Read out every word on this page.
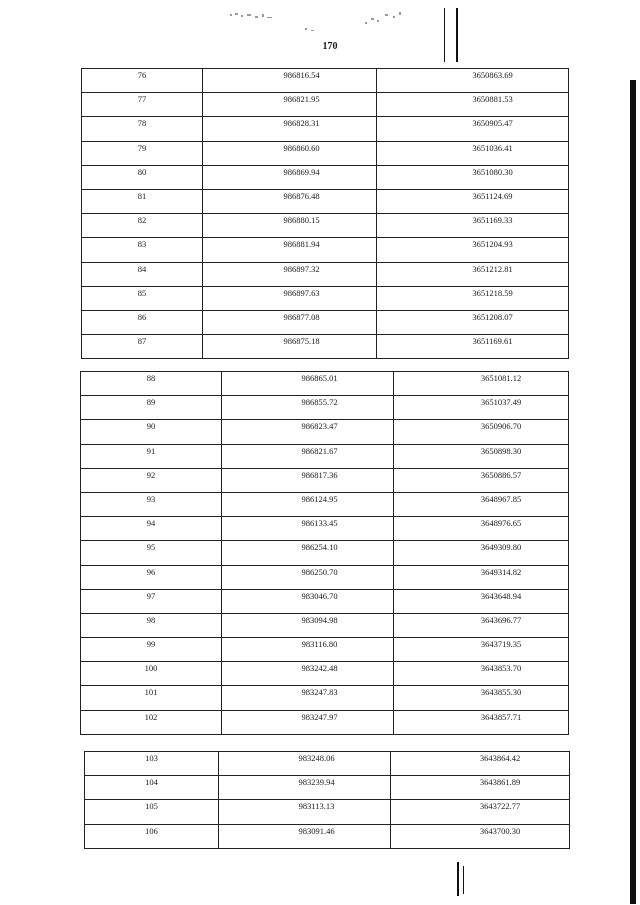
170
76	986816.54	3650863.69

77	986821.95	3650881.53

78	986828.31	3650905.47

79	986860.60	3651036.41

80	986869.94	3651080.30

81	986876.48	3651124.69

82	986880.15	3651169.33

83	986881.94	3651204.93

84	986897.32	3651212.81

85	986897.63	3651218.59

86	986877.08	3651208.07

87	986875.18	3651169.61
88	986865.01	3651081.12

89	986855.72	3651037.49

90	986823.47	3650906.70

91	986821.67	3650898.30

92	986817.36	3650886.57

93	986124.95	3648967.85

94	986133.45	3648976.65

95	986254.10	3649309.80

96	986250.70	3649314.82

97	983046.70	3643648.94

98	983094.98	3643696.77

99	983116.80	3643719.35

100	983242.48	3643853.70

101	983247.83	3643855.30

102	983247.97	3643857.71
103	983248.06	3643864.42

104	983239.94	3643861.89

105	983113.13	3643722.77

106	983091.46	3643700.30
